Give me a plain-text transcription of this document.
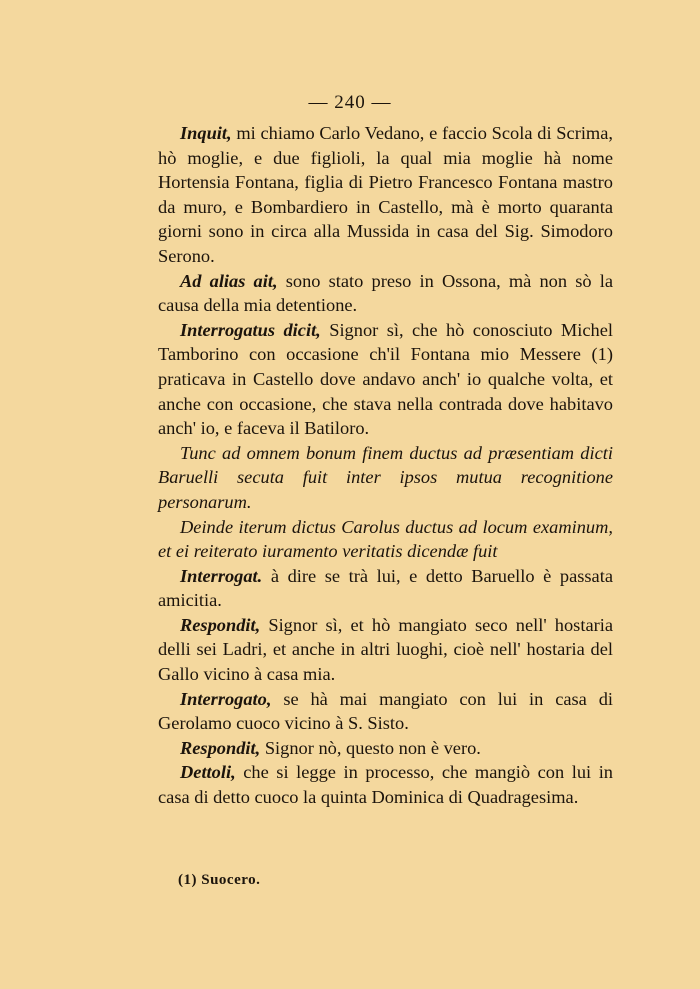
— 240 —

Inquit, mi chiamo Carlo Vedano, e faccio Scola di Scrima, hò moglie, e due figlioli, la qual mia moglie hà nome Hortensia Fontana, figlia di Pietro Francesco Fontana mastro da muro, e Bombardiero in Castello, mà è morto quaranta giorni sono in circa alla Mussida in casa del Sig. Simodoro Serono.

Ad alias ait, sono stato preso in Ossona, mà non sò la causa della mia detentione.

Interrogatus dicit, Signor sì, che hò conosciuto Michel Tamborino con occasione ch'il Fontana mio Messere (1) praticava in Castello dove andavo anch' io qualche volta, et anche con occasione, che stava nella contrada dove habitavo anch' io, e faceva il Batiloro.

Tunc ad omnem bonum finem ductus ad præsentiam dicti Baruelli secuta fuit inter ipsos mutua recognitione personarum.

Deinde iterum dictus Carolus ductus ad locum examinum, et ei reiterato iuramento veritatis dicendæ fuit

Interrogat. à dire se trà lui, e detto Baruello è passata amicitia.

Respondit, Signor sì, et hò mangiato seco nell' hostaria delli sei Ladri, et anche in altri luoghi, cioè nell' hostaria del Gallo vicino à casa mia.

Interrogato, se hà mai mangiato con lui in casa di Gerolamo cuoco vicino à S. Sisto.

Respondit, Signor nò, questo non è vero.

Dettoli, che si legge in processo, che mangiò con lui in casa di detto cuoco la quinta Dominica di Quadragesima.

(1) Suocero.
